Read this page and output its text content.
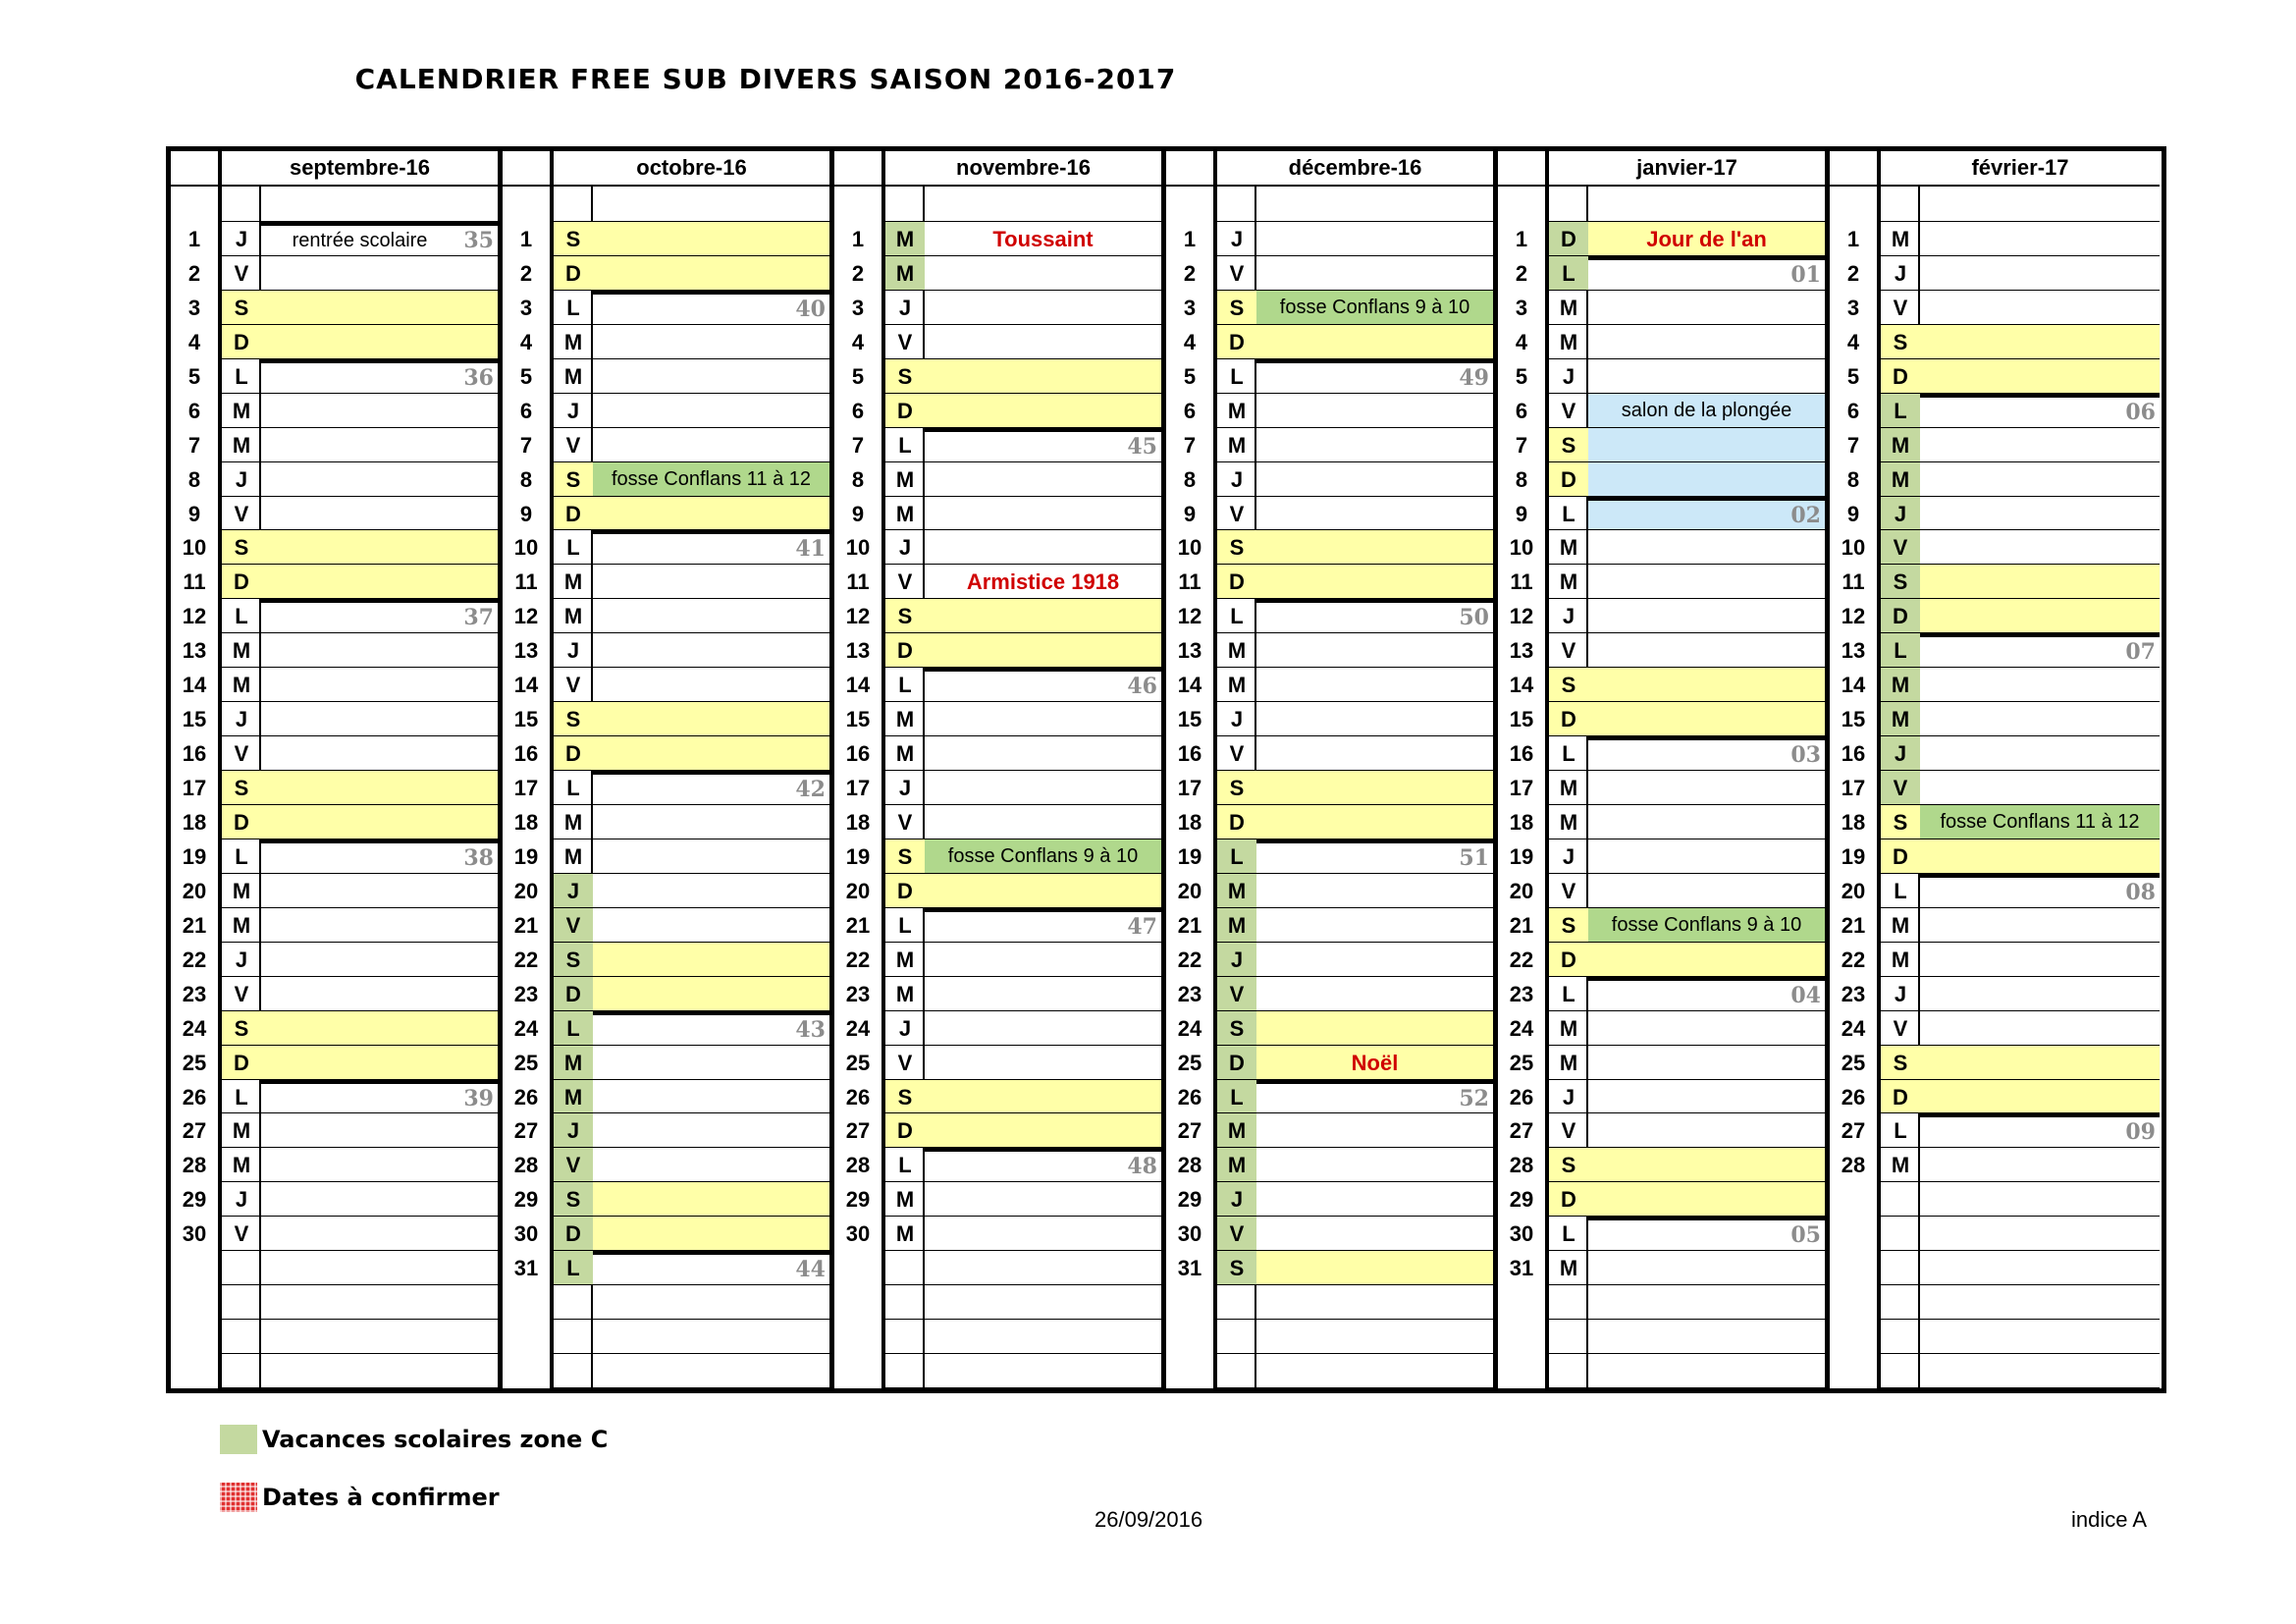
CALENDRIER FREE SUB DIVERS SAISON 2016-2017
septembre-16
1	J	rentrée scolaire 35
2	V
3	S
4	D
5	L	36
6	M
7	M
8	J
9	V
10	S
11	D
12	L	37
13	M
14	M
15	J
16	V
17	S
18	D
19	L	38
20	M
21	M
22	J
23	V
24	S
25	D
26	L	39
27	M
28	M
29	J
30	V
octobre-16
1	S
2	D
3	L	40
4	M
5	M
6	J
7	V
8	S	fosse Conflans 11 à 12
9	D
10	L	41
11	M
12	M
13	J
14	V
15	S
16	D
17	L	42
18	M
19	M
20	J
21	V
22	S
23	D
24	L	43
25	M
26	M
27	J
28	V
29	S
30	D
31	L	44
novembre-16
1	M	Toussaint
2	M
3	J
4	V
5	S
6	D
7	L	45
8	M
9	M
10	J
11	V	Armistice 1918
12	S
13	D
14	L	46
15	M
16	M
17	J
18	V
19	S	fosse Conflans 9 à 10
20	D
21	L	47
22	M
23	M
24	J
25	V
26	S
27	D
28	L	48
29	M
30	M
décembre-16
1	J
2	V
3	S	fosse Conflans 9 à 10
4	D
5	L	49
6	M
7	M
8	J
9	V
10	S
11	D
12	L	50
13	M
14	M
15	J
16	V
17	S
18	D
19	L	51
20	M
21	M
22	J
23	V
24	S
25	D	Noël
26	L	52
27	M
28	M
29	J
30	V
31	S
janvier-17
1	D	Jour de l'an
2	L	01
3	M
4	M
5	J
6	V	salon de la plongée
7	S
8	D
9	L	02
10	M
11	M
12	J
13	V
14	S
15	D
16	L	03
17	M
18	M
19	J
20	V
21	S	fosse Conflans 9 à 10
22	D
23	L	04
24	M
25	M
26	J
27	V
28	S
29	D
30	L	05
31	M
février-17
1	M
2	J
3	V
4	S
5	D
6	L	06
7	M
8	M
9	J
10	V
11	S
12	D
13	L	07
14	M
15	M
16	J
17	V
18	S	fosse Conflans 11 à 12
19	D
20	L	08
21	M
22	M
23	J
24	V
25	S
26	D
27	L	09
28	M
Vacances scolaires zone C
Dates à confirmer
26/09/2016	indice A
